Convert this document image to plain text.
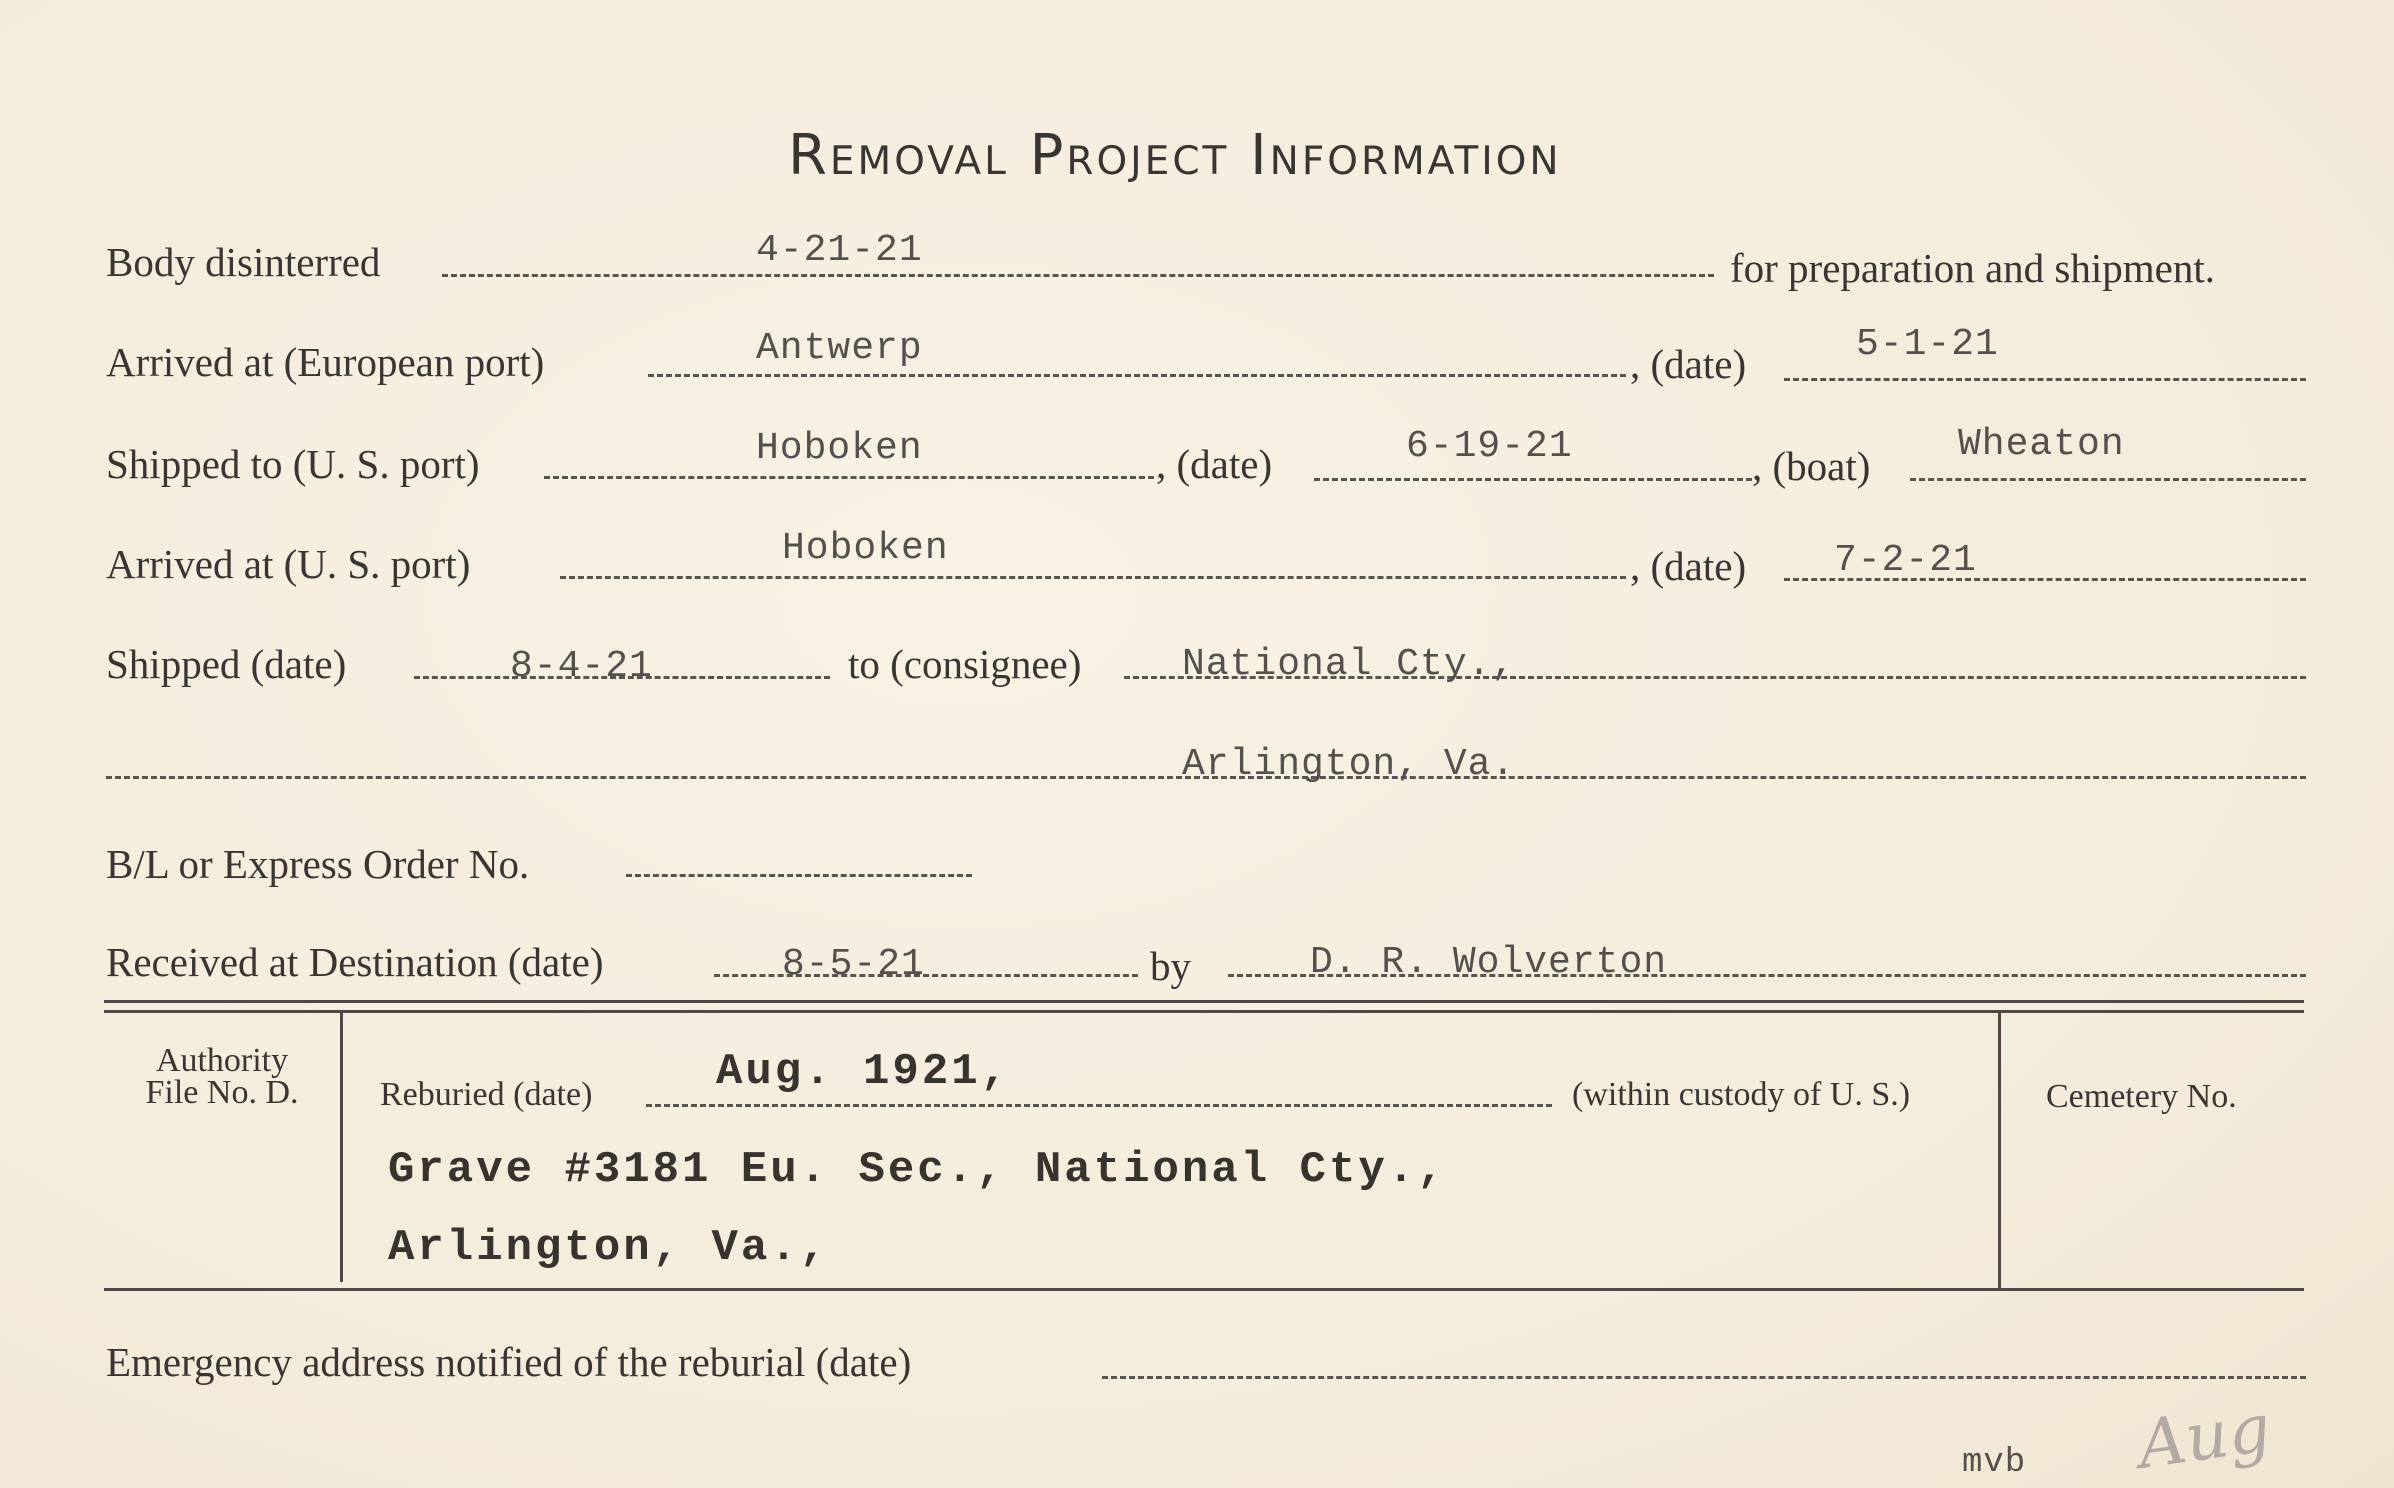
Removal Project Information
Body disinterred	4-21-21	for preparation and shipment.
Arrived at (European port)	Antwerp	, (date)	5-1-21
Shipped to (U. S. port)	Hoboken	, (date)	6-19-21	, (boat) Wheaton
Arrived at (U. S. port)	Hoboken	, (date) 7-2-21
Shipped (date)	8-4-21	to (consignee)	National Cty.,
Arlington, Va.
B/L or Express Order No.
Received at Destination (date)	8-5-21	by	D. R. Wolverton
Authority
File No. D.	Reburied (date)	Aug. 1921,	(within custody of U. S.)
Grave #3181 Eu. Sec., National Cty.,
Arlington, Va.,
Cemetery No.
Emergency address notified of the reburial (date)
mvb Aug
